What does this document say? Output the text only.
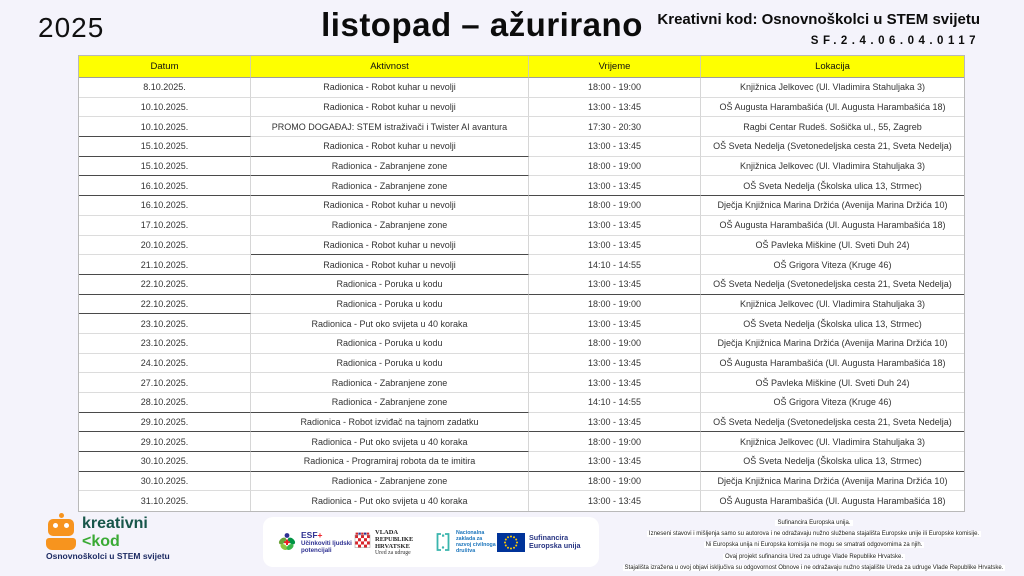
2025	listopad – ažurirano Kreativni kod: Osnovnoškolci u STEM svijetu
SF.2.4.06.04.0117
Datum	Aktivnost	Vrijeme	Lokacija
8.10.2025.	Radionica - Robot kuhar u nevolji	18:00 - 19:00	Knjižnica Jelkovec (Ul. Vladimira Stahuljaka 3)
10.10.2025.	Radionica - Robot kuhar u nevolji	13:00 - 13:45	OŠ Augusta Harambašića (Ul. Augusta Harambašića 18)
10.10.2025.	PROMO DOGAĐAJ: STEM istraživači i Twister AI avantura	17:30 - 20:30	Ragbi Centar Rudeš. Sošička ul., 55, Zagreb
15.10.2025.	Radionica - Robot kuhar u nevolji	13:00 - 13:45	OŠ Sveta Nedelja (Svetonedeljska cesta 21, Sveta Nedelja)
15.10.2025.	Radionica - Zabranjene zone	18:00 - 19:00	Knjižnica Jelkovec (Ul. Vladimira Stahuljaka 3)
16.10.2025.	Radionica - Zabranjene zone	13:00 - 13:45	OŠ Sveta Nedelja (Školska ulica 13, Strmec)
16.10.2025.	Radionica - Robot kuhar u nevolji	18:00 - 19:00	Dječja Knjižnica Marina Držića (Avenija Marina Držića 10)
17.10.2025.	Radionica - Zabranjene zone	13:00 - 13:45	OŠ Augusta Harambašića (Ul. Augusta Harambašića 18)
20.10.2025.	Radionica - Robot kuhar u nevolji	13:00 - 13:45	OŠ Pavleka Miškine (Ul. Sveti Duh 24)
21.10.2025.	Radionica - Robot kuhar u nevolji	14:10 - 14:55	OŠ Grigora Viteza (Kruge 46)
22.10.2025.	Radionica - Poruka u kodu	13:00 - 13:45	OŠ Sveta Nedelja (Svetonedeljska cesta 21, Sveta Nedelja)
22.10.2025.	Radionica - Poruka u kodu	18:00 - 19:00	Knjižnica Jelkovec (Ul. Vladimira Stahuljaka 3)
23.10.2025.	Radionica - Put oko svijeta u 40 koraka	13:00 - 13:45	OŠ Sveta Nedelja (Školska ulica 13, Strmec)
23.10.2025.	Radionica - Poruka u kodu	18:00 - 19:00	Dječja Knjižnica Marina Držića (Avenija Marina Držića 10)
24.10.2025.	Radionica - Poruka u kodu	13:00 - 13:45	OŠ Augusta Harambašića (Ul. Augusta Harambašića 18)
27.10.2025.	Radionica - Zabranjene zone	13:00 - 13:45	OŠ Pavleka Miškine (Ul. Sveti Duh 24)
28.10.2025.	Radionica - Zabranjene zone	14:10 - 14:55	OŠ Grigora Viteza (Kruge 46)
29.10.2025.	Radionica - Robot izviđač na tajnom zadatku	13:00 - 13:45	OŠ Sveta Nedelja (Svetonedeljska cesta 21, Sveta Nedelja)
29.10.2025.	Radionica - Put oko svijeta u 40 koraka	18:00 - 19:00	Knjižnica Jelkovec (Ul. Vladimira Stahuljaka 3)
30.10.2025.	Radionica - Programiraj robota da te imitira	13:00 - 13:45	OŠ Sveta Nedelja (Školska ulica 13, Strmec)
30.10.2025.	Radionica - Zabranjene zone	18:00 - 19:00	Dječja Knjižnica Marina Držića (Avenija Marina Držića 10)
31.10.2025.	Radionica - Put oko svijeta u 40 koraka	13:00 - 13:45	OŠ Augusta Harambašića (Ul. Augusta Harambašića 18)
kreativni
<kod
Osnovnoškolci u STEM svijetu
ESF+
Učinkoviti ljudski potencijali
VLADA REPUBLIKE HRVATSKE
Ured za udruge
Nacionalna zaklada za razvoj civilnoga društva
Sufinancira Europska unija
Sufinancira Europska unija.
Izneseni stavovi i mišljenja samo su autorova i ne odražavaju nužno službena stajališta Europske unije ili Europske komisije.
Ni Europska unija ni Europska komisija ne mogu se smatrati odgovornima za njih.
Ovaj projekt sufinancira Ured za udruge Vlade Republike Hrvatske.
Stajališta izražena u ovoj objavi isključiva su odgovornost Obnove i ne odražavaju nužno stajalište Ureda za udruge Vlade Republike Hrvatske.
